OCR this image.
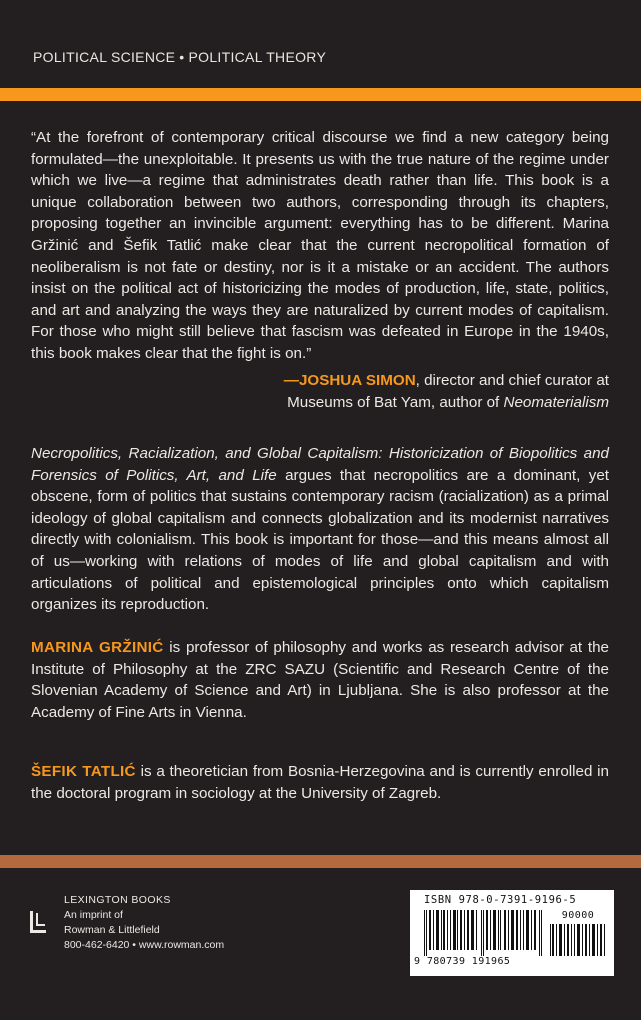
POLITICAL SCIENCE • POLITICAL THEORY

“At the forefront of contemporary critical discourse we find a new category being formulated—the unexploitable. It presents us with the true nature of the regime under which we live—a regime that administrates death rather than life. This book is a unique collaboration between two authors, corresponding through its chapters, proposing together an invincible argument: everything has to be different. Marina Gržinić and Šefik Tatlić make clear that the current necropolitical formation of neoliberalism is not fate or destiny, nor is it a mistake or an accident. The authors insist on the political act of historicizing the modes of production, life, state, politics, and art and analyzing the ways they are naturalized by current modes of capitalism. For those who might still believe that fascism was defeated in Europe in the 1940s, this book makes clear that the fight is on.”

—JOSHUA SIMON, director and chief curator at
Museums of Bat Yam, author of Neomaterialism

Necropolitics, Racialization, and Global Capitalism: Historicization of Biopolitics and Forensics of Politics, Art, and Life argues that necropolitics are a dominant, yet obscene, form of politics that sustains contemporary racism (racialization) as a primal ideology of global capitalism and connects globalization and its modernist narratives directly with colonialism. This book is important for those—and this means almost all of us—working with relations of modes of life and global capitalism and with articulations of political and epistemological principles onto which capitalism organizes its reproduction.

MARINA GRŽINIĆ is professor of philosophy and works as research advisor at the Institute of Philosophy at the ZRC SAZU (Scientific and Research Centre of the Slovenian Academy of Science and Art) in Ljubljana. She is also professor at the Academy of Fine Arts in Vienna.

ŠEFIK TATLIĆ is a theoretician from Bosnia-Herzegovina and is currently enrolled in the doctoral program in sociology at the University of Zagreb.

LEXINGTON BOOKS
An imprint of
Rowman & Littlefield
800-462-6420 • www.rowman.com
ISBN 978-0-7391-9196-5
90000
9 780739 191965
